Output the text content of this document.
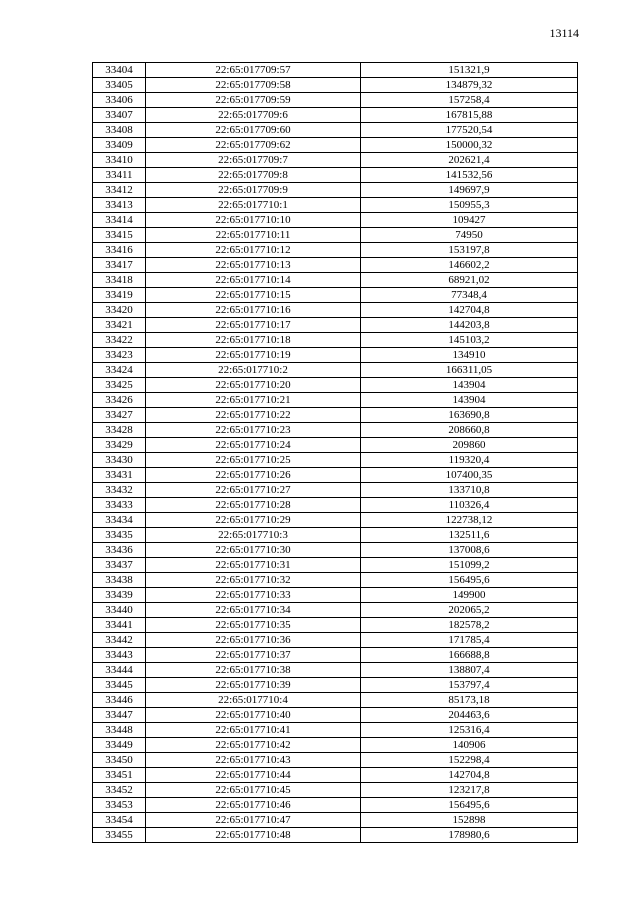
13114
33404	22:65:017709:57	151321,9
33405	22:65:017709:58	134879,32
33406	22:65:017709:59	157258,4
33407	22:65:017709:6	167815,88
33408	22:65:017709:60	177520,54
33409	22:65:017709:62	150000,32
33410	22:65:017709:7	202621,4
33411	22:65:017709:8	141532,56
33412	22:65:017709:9	149697,9
33413	22:65:017710:1	150955,3
33414	22:65:017710:10	109427
33415	22:65:017710:11	74950
33416	22:65:017710:12	153197,8
33417	22:65:017710:13	146602,2
33418	22:65:017710:14	68921,02
33419	22:65:017710:15	77348,4
33420	22:65:017710:16	142704,8
33421	22:65:017710:17	144203,8
33422	22:65:017710:18	145103,2
33423	22:65:017710:19	134910
33424	22:65:017710:2	166311,05
33425	22:65:017710:20	143904
33426	22:65:017710:21	143904
33427	22:65:017710:22	163690,8
33428	22:65:017710:23	208660,8
33429	22:65:017710:24	209860
33430	22:65:017710:25	119320,4
33431	22:65:017710:26	107400,35
33432	22:65:017710:27	133710,8
33433	22:65:017710:28	110326,4
33434	22:65:017710:29	122738,12
33435	22:65:017710:3	132511,6
33436	22:65:017710:30	137008,6
33437	22:65:017710:31	151099,2
33438	22:65:017710:32	156495,6
33439	22:65:017710:33	149900
33440	22:65:017710:34	202065,2
33441	22:65:017710:35	182578,2
33442	22:65:017710:36	171785,4
33443	22:65:017710:37	166688,8
33444	22:65:017710:38	138807,4
33445	22:65:017710:39	153797,4
33446	22:65:017710:4	85173,18
33447	22:65:017710:40	204463,6
33448	22:65:017710:41	125316,4
33449	22:65:017710:42	140906
33450	22:65:017710:43	152298,4
33451	22:65:017710:44	142704,8
33452	22:65:017710:45	123217,8
33453	22:65:017710:46	156495,6
33454	22:65:017710:47	152898
33455	22:65:017710:48	178980,6
